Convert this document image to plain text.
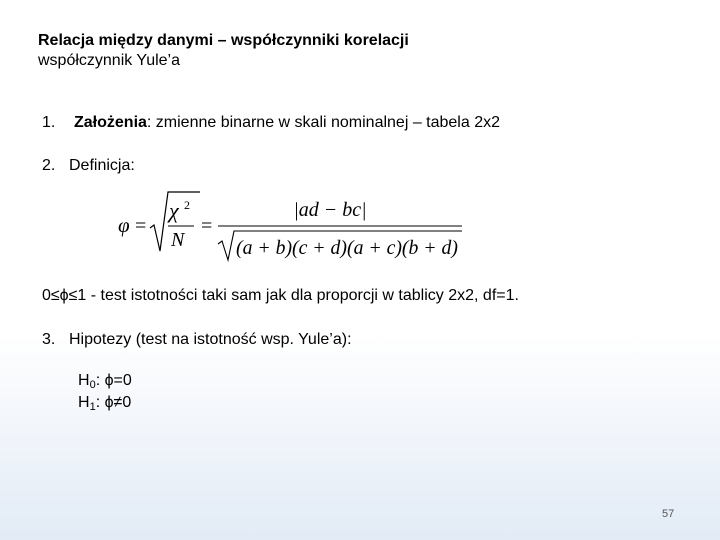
Relacja między danymi – współczynniki korelacji
współczynnik Yule’a
1. Założenia: zmienne binarne w skali nominalnej – tabela 2x2
2. Definicja:
φ =
χ 2
N
=
|ad − bc|
(a + b)(c + d)(a + c)(b + d)
0≤ϕ≤1 - test istotności taki sam jak dla proporcji w tablicy 2x2, df=1.
3. Hipotezy (test na istotność wsp. Yule’a):
$H_0$: ϕ=0
$H_1$: ϕ≠0
57
